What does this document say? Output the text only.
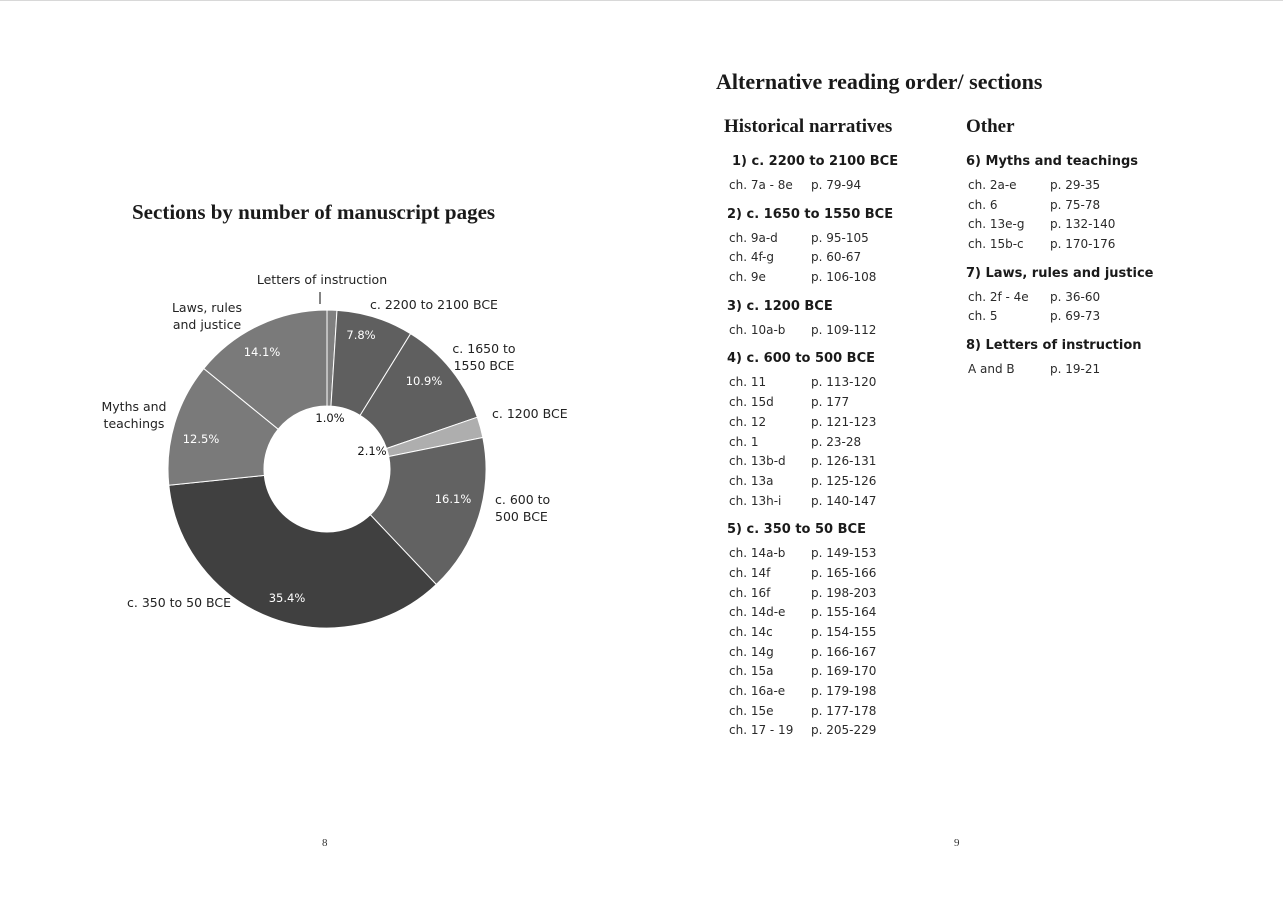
Sections by number of manuscript pages
1.0%
7.8%
10.9%
2.1%
16.1%
35.4%
12.5%
14.1%
Letters of instruction
c. 2200 to 2100 BCE
c. 1650 to 1550 BCE
c. 1200 BCE
c. 600 to 500 BCE
c. 350 to 50 BCE
Myths and teachings
Laws, rules and justice
8
Alternative reading order/ sections
Historical narratives	Other
1) c. 2200 to 2100 BCE
ch. 7a - 8e	p. 79-94
2) c. 1650 to 1550 BCE
ch. 9a-d	p. 95-105
ch. 4f-g	p. 60-67
ch. 9e	p. 106-108
3) c. 1200 BCE
ch. 10a-b	p. 109-112
4) c. 600 to 500 BCE
ch. 11	p. 113-120
ch. 15d	p. 177
ch. 12	p. 121-123
ch. 1	p. 23-28
ch. 13b-d	p. 126-131
ch. 13a	p. 125-126
ch. 13h-i	p. 140-147
5) c. 350 to 50 BCE
ch. 14a-b	p. 149-153
ch. 14f	p. 165-166
ch. 16f	p. 198-203
ch. 14d-e	p. 155-164
ch. 14c	p. 154-155
ch. 14g	p. 166-167
ch. 15a	p. 169-170
ch. 16a-e	p. 179-198
ch. 15e	p. 177-178
ch. 17 - 19	p. 205-229
6) Myths and teachings
ch. 2a-e	p. 29-35
ch. 6	p. 75-78
ch. 13e-g	p. 132-140
ch. 15b-c	p. 170-176
7) Laws, rules and justice
ch. 2f - 4e	p. 36-60
ch. 5	p. 69-73
8) Letters of instruction
A and B	p. 19-21
9
